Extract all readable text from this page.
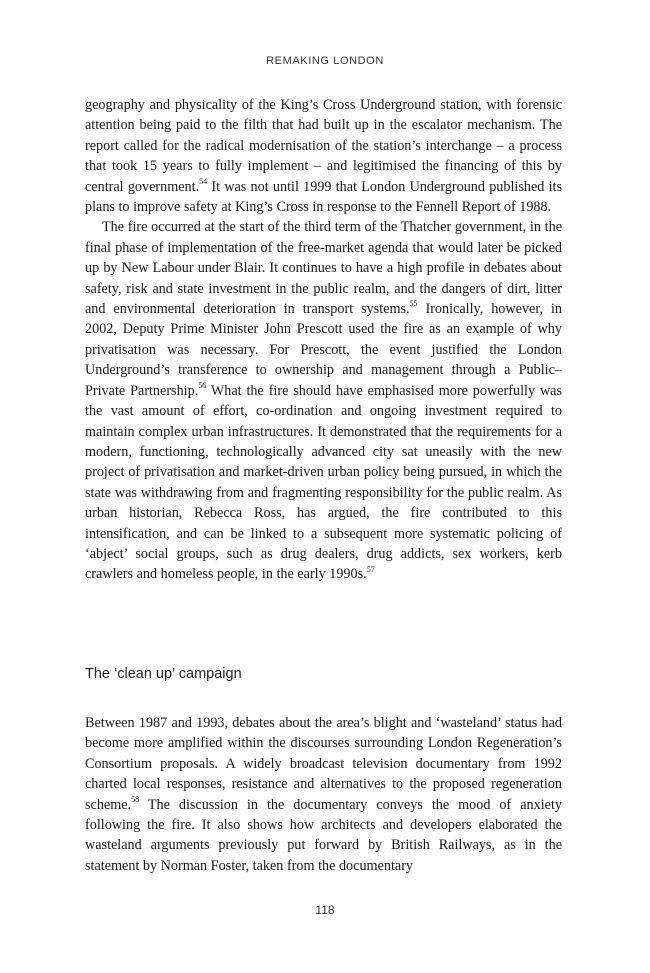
REMAKING LONDON

geography and physicality of the King’s Cross Underground station, with forensic attention being paid to the filth that had built up in the escalator mechanism. The report called for the radical modernisation of the station’s interchange – a process that took 15 years to fully implement – and legitimised the financing of this by central government.$^{54}$ It was not until 1999 that London Underground published its plans to improve safety at King’s Cross in response to the Fennell Report of 1988.

The fire occurred at the start of the third term of the Thatcher government, in the final phase of implementation of the free-market agenda that would later be picked up by New Labour under Blair. It continues to have a high profile in debates about safety, risk and state investment in the public realm, and the dangers of dirt, litter and environmental deterioration in transport systems.$^{55}$ Ironically, however, in 2002, Deputy Prime Minister John Prescott used the fire as an example of why privatisation was necessary. For Prescott, the event justified the London Underground’s transference to ownership and management through a Public–Private Partnership.$^{56}$ What the fire should have emphasised more powerfully was the vast amount of effort, co-ordination and ongoing investment required to maintain complex urban infrastructures. It demonstrated that the requirements for a modern, functioning, technologically advanced city sat uneasily with the new project of privatisation and market-driven urban policy being pursued, in which the state was withdrawing from and fragmenting responsibility for the public realm. As urban historian, Rebecca Ross, has argued, the fire contributed to this intensification, and can be linked to a subsequent more systematic policing of ‘abject’ social groups, such as drug dealers, drug addicts, sex workers, kerb crawlers and homeless people, in the early 1990s.$^{57}$

The ‘clean up’ campaign

Between 1987 and 1993, debates about the area’s blight and ‘wasteland’ status had become more amplified within the discourses surrounding London Regeneration’s Consortium proposals. A widely broadcast television documentary from 1992 charted local responses, resistance and alternatives to the proposed regeneration scheme.$^{58}$ The discussion in the documentary conveys the mood of anxiety following the fire. It also shows how architects and developers elaborated the wasteland arguments previously put forward by British Railways, as in the statement by Norman Foster, taken from the documentary

118
